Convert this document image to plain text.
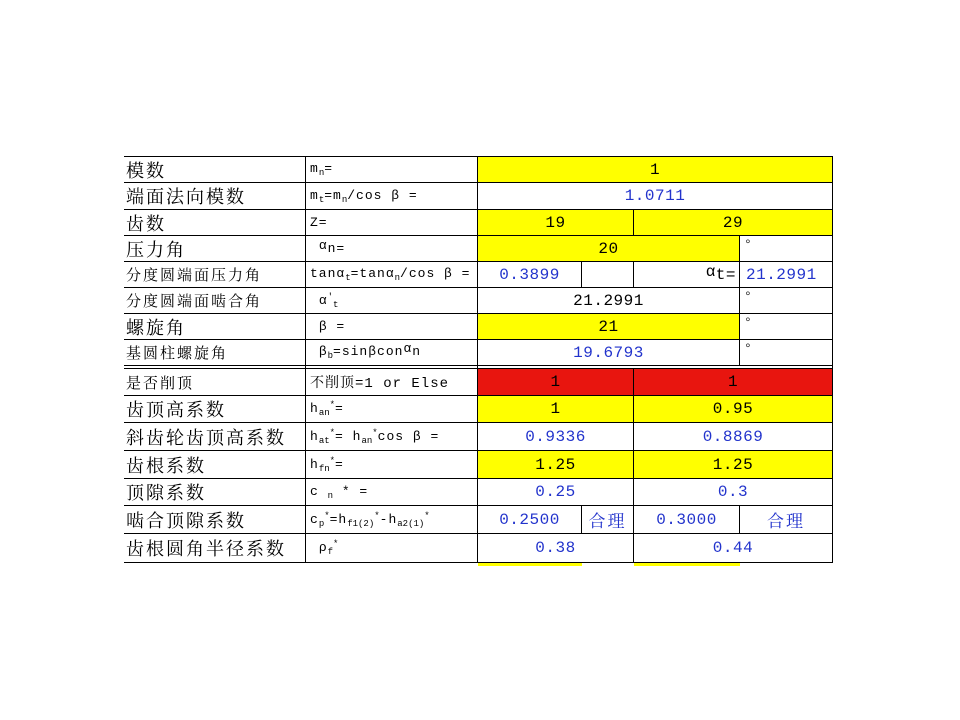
模数	$m_n=$	1
端面法向模数	$m_t=m_n/\cos$ β =	1.0711
齿数	Z=	19	29
压力角	αn=	20	°
分度圆端面压力角	tanα$_t$=tanα$_n$/cos β =	0.3899	α t= 21.2991
分度圆端面啮合角	$\alpha'_t$	21.2991	°
螺旋角	β =	21	°
基圆柱螺旋角	$\beta_b=\sin\beta con\alpha n$	19.6793	°
是否削顶	不削顶=1 or Else	1	1
齿顶高系数	$h_{an}^*=$	1	0.95
斜齿轮齿顶高系数	$h_{at}^*= h_{an}^*\cos$ β =	0.9336	0.8869
齿根系数	$h_{fn}^*=$	1.25	1.25
顶隙系数	c $_n$ * =	0.25	0.3
啮合顶隙系数	$c_p^*=h_{f1(2)}^*-h_{a2(1)}^*$	0.2500	合理	0.3000	合理
齿根圆角半径系数	$\rho_f^*$	0.38	0.44
